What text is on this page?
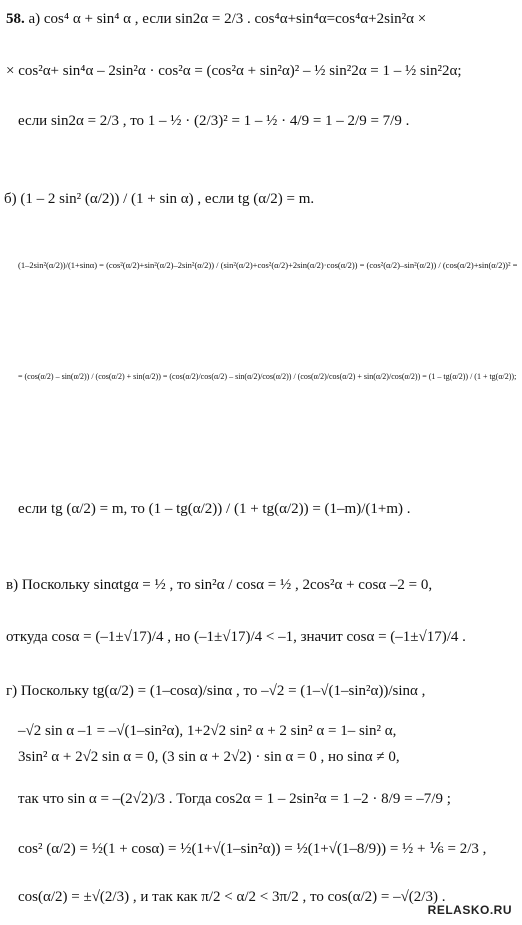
58. а) cos⁴ α + sin⁴ α , если sin2α = 2/3 . cos⁴α+sin⁴α=cos⁴α+2sin²α ×
× cos²α+ sin⁴α – 2sin²α · cos²α = (cos²α + sin²α)² – ½ sin²2α = 1 – ½ sin²2α;
если sin2α = 2/3 , то 1 – ½ · (2/3)² = 1 – ½ · 4/9 = 1 – 2/9 = 7/9 .
б) (1 – 2 sin² (α/2)) / (1 + sin α) , если tg (α/2) = m.
(1–2sin²(α/2))/(1+sinα) = (cos²(α/2)+sin²(α/2)–2sin²(α/2)) / (sin²(α/2)+cos²(α/2)+2sin(α/2)·cos(α/2)) = (cos²(α/2)–sin²(α/2)) / (cos(α/2)+sin(α/2))² =
= (cos(α/2) – sin(α/2)) / (cos(α/2) + sin(α/2)) = (cos(α/2)/cos(α/2) – sin(α/2)/cos(α/2)) / (cos(α/2)/cos(α/2) + sin(α/2)/cos(α/2)) = (1 – tg(α/2)) / (1 + tg(α/2));
если tg (α/2) = m, то (1 – tg(α/2)) / (1 + tg(α/2)) = (1–m)/(1+m) .
в) Поскольку sinαtgα = ½ , то sin²α / cosα = ½ , 2cos²α + cosα –2 = 0,
откуда cosα = (–1±√17)/4 , но (–1±√17)/4 < –1, значит cosα = (–1±√17)/4 .
г) Поскольку tg(α/2) = (1–cosα)/sinα , то –√2 = (1–√(1–sin²α))/sinα ,
–√2 sin α –1 = –√(1–sin²α), 1+2√2 sin² α + 2 sin² α = 1– sin² α,
3sin² α + 2√2 sin α = 0, (3 sin α + 2√2) · sin α = 0 , но sinα ≠ 0,
так что sin α = –(2√2)/3 . Тогда cos2α = 1 – 2sin²α = 1 –2 · 8/9 = –7/9 ;
cos² (α/2) = ½(1 + cosα) = ½(1+√(1–sin²α)) = ½(1+√(1–8/9)) = ½ + ⅙ = 2/3 ,
cos(α/2) = ±√(2/3) , и так как π/2 < α/2 < 3π/2 , то cos(α/2) = –√(2/3) .
RELASKO.RU
